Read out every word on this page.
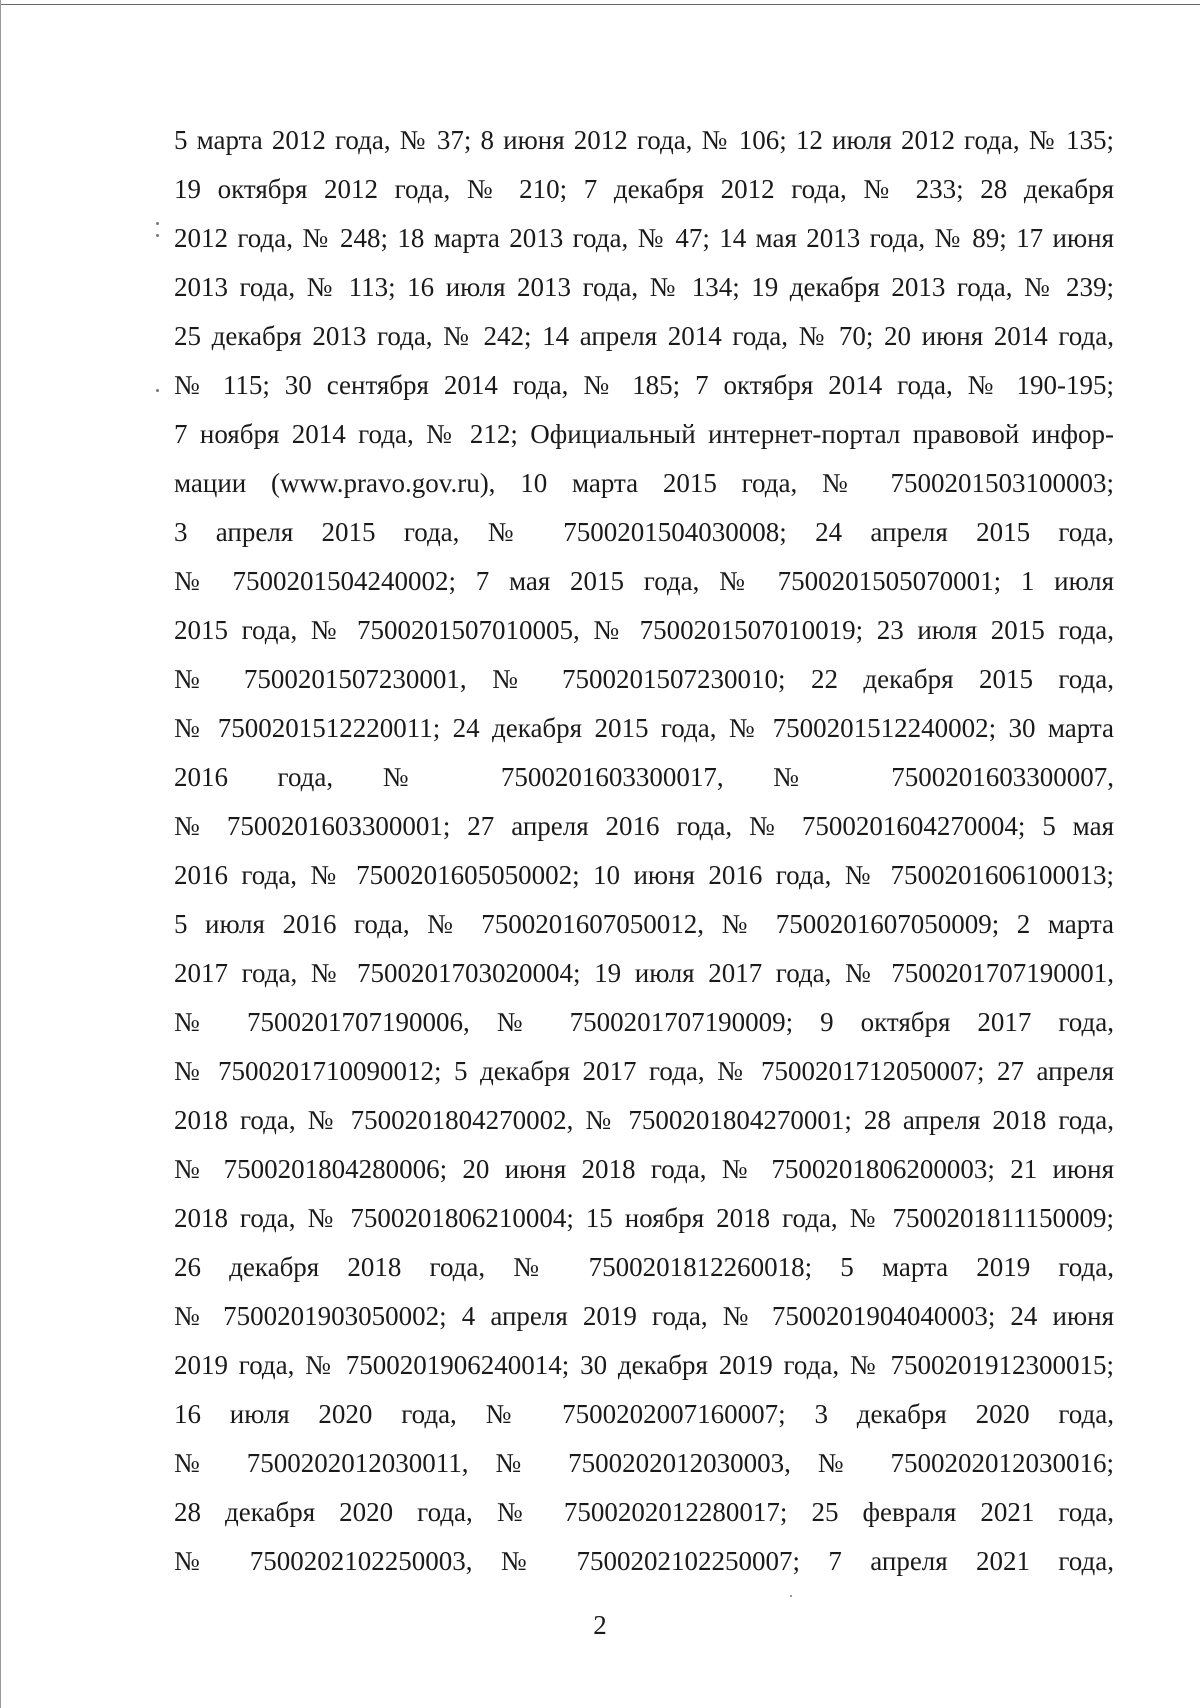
5 марта 2012 года, № 37; 8 июня 2012 года, № 106; 12 июля 2012 года, № 135;
19 октября 2012 года, № 210; 7 декабря 2012 года, № 233; 28 декабря
2012 года, № 248; 18 марта 2013 года, № 47; 14 мая 2013 года, № 89; 17 июня
2013 года, № 113; 16 июля 2013 года, № 134; 19 декабря 2013 года, № 239;
25 декабря 2013 года, № 242; 14 апреля 2014 года, № 70; 20 июня 2014 года,
№ 115; 30 сентября 2014 года, № 185; 7 октября 2014 года, № 190-195;
7 ноября 2014 года, № 212; Официальный интернет-портал правовой инфор-
мации (www.pravo.gov.ru), 10 марта 2015 года, № 7500201503100003;
3 апреля 2015 года, № 7500201504030008; 24 апреля 2015 года,
№ 7500201504240002; 7 мая 2015 года, № 7500201505070001; 1 июля
2015 года, № 7500201507010005, № 7500201507010019; 23 июля 2015 года,
№ 7500201507230001, № 7500201507230010; 22 декабря 2015 года,
№ 7500201512220011; 24 декабря 2015 года, № 7500201512240002; 30 марта
2016 года, № 7500201603300017, № 7500201603300007,
№ 7500201603300001; 27 апреля 2016 года, № 7500201604270004; 5 мая
2016 года, № 7500201605050002; 10 июня 2016 года, № 7500201606100013;
5 июля 2016 года, № 7500201607050012, № 7500201607050009; 2 марта
2017 года, № 7500201703020004; 19 июля 2017 года, № 7500201707190001,
№ 7500201707190006, № 7500201707190009; 9 октября 2017 года,
№ 7500201710090012; 5 декабря 2017 года, № 7500201712050007; 27 апреля
2018 года, № 7500201804270002, № 7500201804270001; 28 апреля 2018 года,
№ 7500201804280006; 20 июня 2018 года, № 7500201806200003; 21 июня
2018 года, № 7500201806210004; 15 ноября 2018 года, № 7500201811150009;
26 декабря 2018 года, № 7500201812260018; 5 марта 2019 года,
№ 7500201903050002; 4 апреля 2019 года, № 7500201904040003; 24 июня
2019 года, № 7500201906240014; 30 декабря 2019 года, № 7500201912300015;
16 июля 2020 года, № 7500202007160007; 3 декабря 2020 года,
№ 7500202012030011, № 7500202012030003, № 7500202012030016;
28 декабря 2020 года, № 7500202012280017; 25 февраля 2021 года,
№ 7500202102250003, № 7500202102250007; 7 апреля 2021 года,

2
